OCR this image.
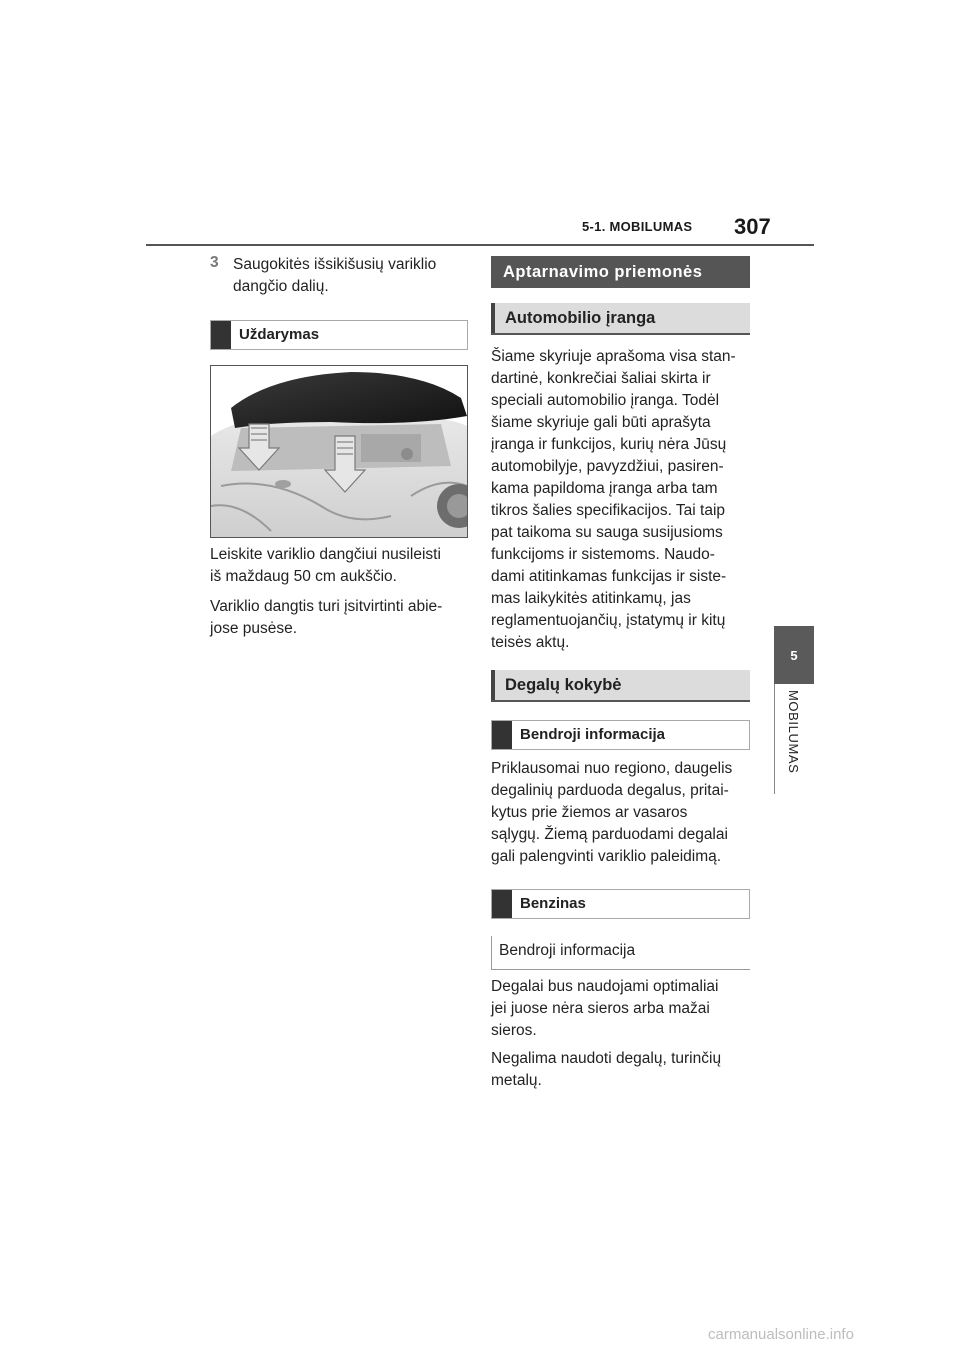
5-1. MOBILUMAS 307
5
MOBILUMAS
3 Saugokitės išsikišusių variklio
dangčio dalių.
Uždarymas
Leiskite variklio dangčiui nusileisti
iš maždaug 50 cm aukščio.
Variklio dangtis turi įsitvirtinti abie-
jose pusėse.
Aptarnavimo priemonės
Automobilio įranga
Šiame skyriuje aprašoma visa stan-
dartinė, konkrečiai šaliai skirta ir
speciali automobilio įranga. Todėl
šiame skyriuje gali būti aprašyta
įranga ir funkcijos, kurių nėra Jūsų
automobilyje, pavyzdžiui, pasiren-
kama papildoma įranga arba tam
tikros šalies specifikacijos. Tai taip
pat taikoma su sauga susijusioms
funkcijoms ir sistemoms. Naudo-
dami atitinkamas funkcijas ir siste-
mas laikykitės atitinkamų, jas
reglamentuojančių, įstatymų ir kitų
teisės aktų.
Degalų kokybė
Bendroji informacija
Priklausomai nuo regiono, daugelis
degalinių parduoda degalus, pritai-
kytus prie žiemos ar vasaros
sąlygų. Žiemą parduodami degalai
gali palengvinti variklio paleidimą.
Benzinas
Bendroji informacija
Degalai bus naudojami optimaliai
jei juose nėra sieros arba mažai
sieros.
Negalima naudoti degalų, turinčių
metalų.
carmanualsonline.info
